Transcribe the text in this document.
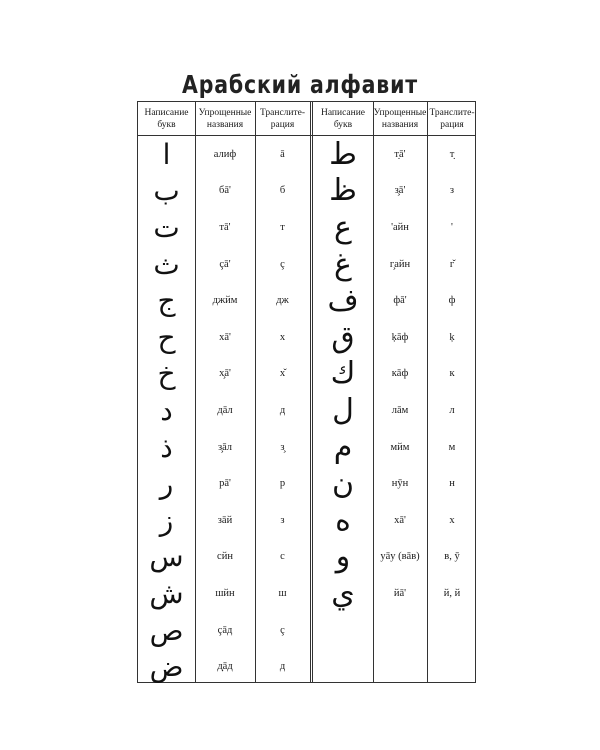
Арабский алфавит
Написание
букв
Упрощенные
названия
Транслите-
рация
Написание
букв
Упрощенные
названия
Транслите-
рация
ا	алиф	ā
ب	бā'	б
ت	тā'	т
ث	çā'	ç
ج	джйм	дж
ح	хā'	х
خ	х̧ā'	х̌
د	дāл	д
ذ	з̧āл	з̧
ر	рā'	р
ز	зāй	з
س	сйн	с
ش	шйн	ш
ص	çāд	ç
ض	д̣āд	д
ط	т̣ā'	т̣
ظ	з̧ā'	з
ع	'айн	'
غ	г̧айн	г̌
ف	фā'	ф
ق	ķāф	ķ
ك	кāф	к
ل	лāм	л
م	мйм	м
ن	нӯн	н
ه	хā'	х
و	уāу (вāв)	в, ӯ
ي	йā'	й, й
